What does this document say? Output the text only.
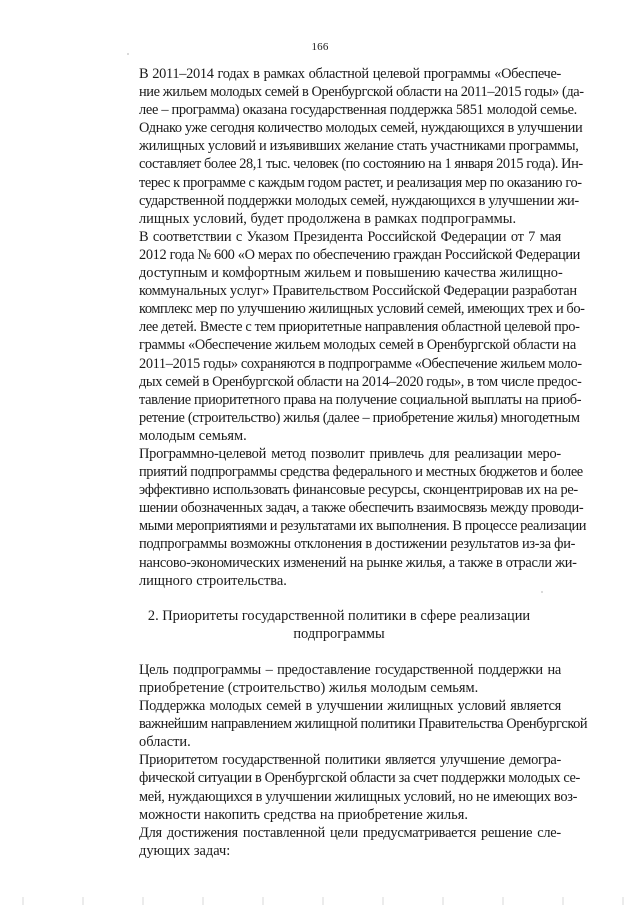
166

В 2011–2014 годах в рамках областной целевой программы «Обеспече-
ние жильем молодых семей в Оренбургской области на 2011–2015 годы» (да-
лее – программа) оказана государственная поддержка 5851 молодой семье.
Однако уже сегодня количество молодых семей, нуждающихся в улучшении
жилищных условий и изъявивших желание стать участниками программы,
составляет более 28,1 тыс. человек (по состоянию на 1 января 2015 года). Ин-
терес к программе с каждым годом растет, и реализация мер по оказанию го-
сударственной поддержки молодых семей, нуждающихся в улучшении жи-
лищных условий, будет продолжена в рамках подпрограммы.

В соответствии с Указом Президента Российской Федерации от 7 мая
2012 года № 600 «О мерах по обеспечению граждан Российской Федерации
доступным и комфортным жильем и повышению качества жилищно-
коммунальных услуг» Правительством Российской Федерации разработан
комплекс мер по улучшению жилищных условий семей, имеющих трех и бо-
лее детей. Вместе с тем приоритетные направления областной целевой про-
граммы «Обеспечение жильем молодых семей в Оренбургской области на
2011–2015 годы» сохраняются в подпрограмме «Обеспечение жильем моло-
дых семей в Оренбургской области на 2014–2020 годы», в том числе предос-
тавление приоритетного права на получение социальной выплаты на приоб-
ретение (строительство) жилья (далее – приобретение жилья) многодетным
молодым семьям.

Программно-целевой метод позволит привлечь для реализации меро-
приятий подпрограммы средства федерального и местных бюджетов и более
эффективно использовать финансовые ресурсы, сконцентрировав их на ре-
шении обозначенных задач, а также обеспечить взаимосвязь между проводи-
мыми мероприятиями и результатами их выполнения. В процессе реализации
подпрограммы возможны отклонения в достижении результатов из-за фи-
нансово-экономических изменений на рынке жилья, а также в отрасли жи-
лищного строительства.

2. Приоритеты государственной политики в сфере реализации
подпрограммы

Цель подпрограммы – предоставление государственной поддержки на
приобретение (строительство) жилья молодым семьям.

Поддержка молодых семей в улучшении жилищных условий является
важнейшим направлением жилищной политики Правительства Оренбургской
области.

Приоритетом государственной политики является улучшение демогра-
фической ситуации в Оренбургской области за счет поддержки молодых се-
мей, нуждающихся в улучшении жилищных условий, но не имеющих воз-
можности накопить средства на приобретение жилья.

Для достижения поставленной цели предусматривается решение сле-
дующих задач:
